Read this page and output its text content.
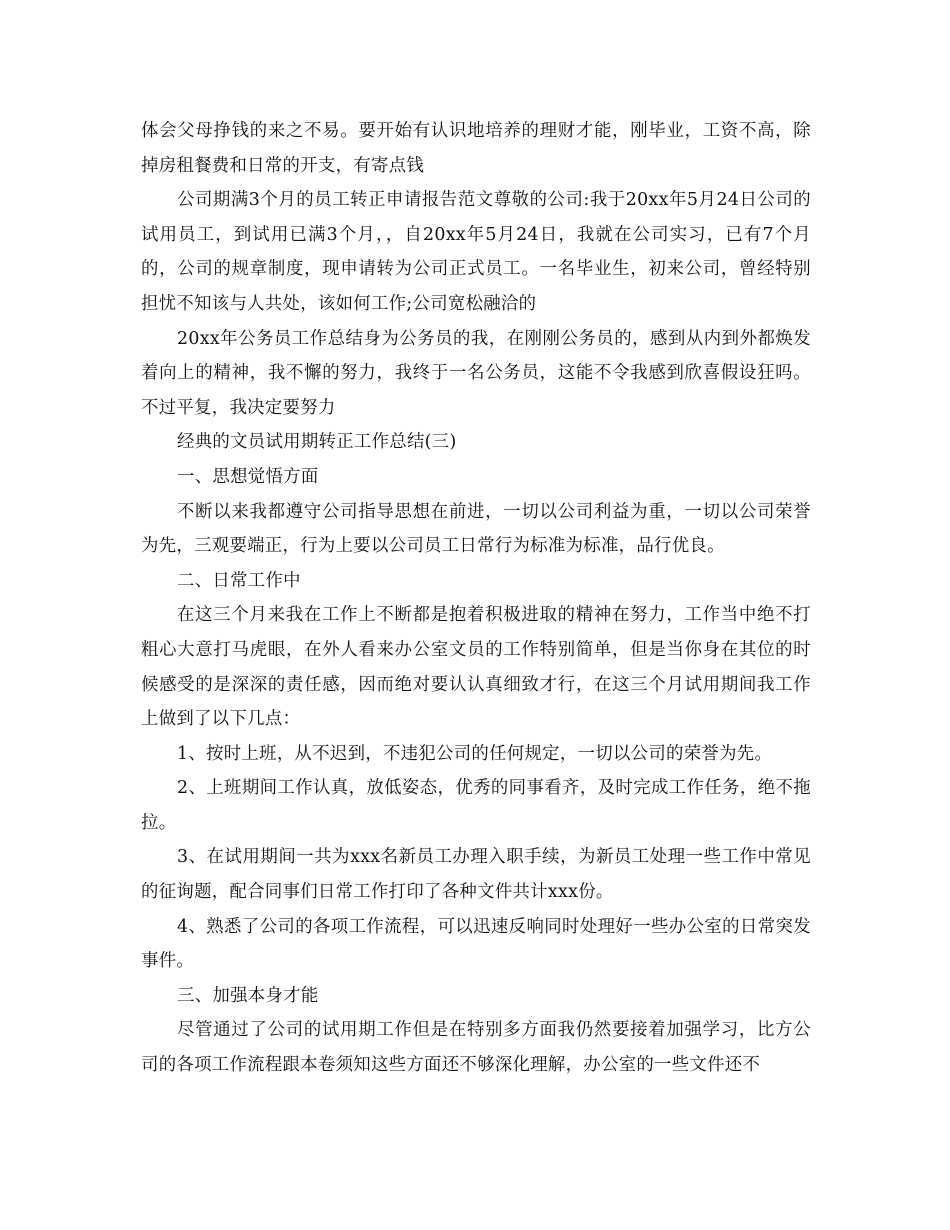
体会父母挣钱的来之不易。要开始有认识地培养的理财才能，刚毕业，工资不高，除掉房租餐费和日常的开支，有寄点钱

公司期满3个月的员工转正申请报告范文尊敬的公司:我于20xx年5月24日公司的试用员工，到试用已满3个月，，自20xx年5月24日，我就在公司实习，已有7个月的，公司的规章制度，现申请转为公司正式员工。一名毕业生，初来公司，曾经特别担忧不知该与人共处，该如何工作;公司宽松融洽的

20xx年公务员工作总结身为公务员的我，在刚刚公务员的，感到从内到外都焕发着向上的精神，我不懈的努力，我终于一名公务员，这能不令我感到欣喜假设狂吗。不过平复，我决定要努力

经典的文员试用期转正工作总结(三)

一、思想觉悟方面

不断以来我都遵守公司指导思想在前进，一切以公司利益为重，一切以公司荣誉为先，三观要端正，行为上要以公司员工日常行为标准为标准，品行优良。

二、日常工作中

在这三个月来我在工作上不断都是抱着积极进取的精神在努力，工作当中绝不打粗心大意打马虎眼，在外人看来办公室文员的工作特别简单，但是当你身在其位的时候感受的是深深的责任感，因而绝对要认认真细致才行，在这三个月试用期间我工作上做到了以下几点：

1、按时上班，从不迟到，不违犯公司的任何规定，一切以公司的荣誉为先。

2、上班期间工作认真，放低姿态，优秀的同事看齐，及时完成工作任务，绝不拖拉。

3、在试用期间一共为xxx名新员工办理入职手续，为新员工处理一些工作中常见的征询题，配合同事们日常工作打印了各种文件共计xxx份。

4、熟悉了公司的各项工作流程，可以迅速反响同时处理好一些办公室的日常突发事件。

三、加强本身才能

尽管通过了公司的试用期工作但是在特别多方面我仍然要接着加强学习，比方公司的各项工作流程跟本卷须知这些方面还不够深化理解，办公室的一些文件还不
